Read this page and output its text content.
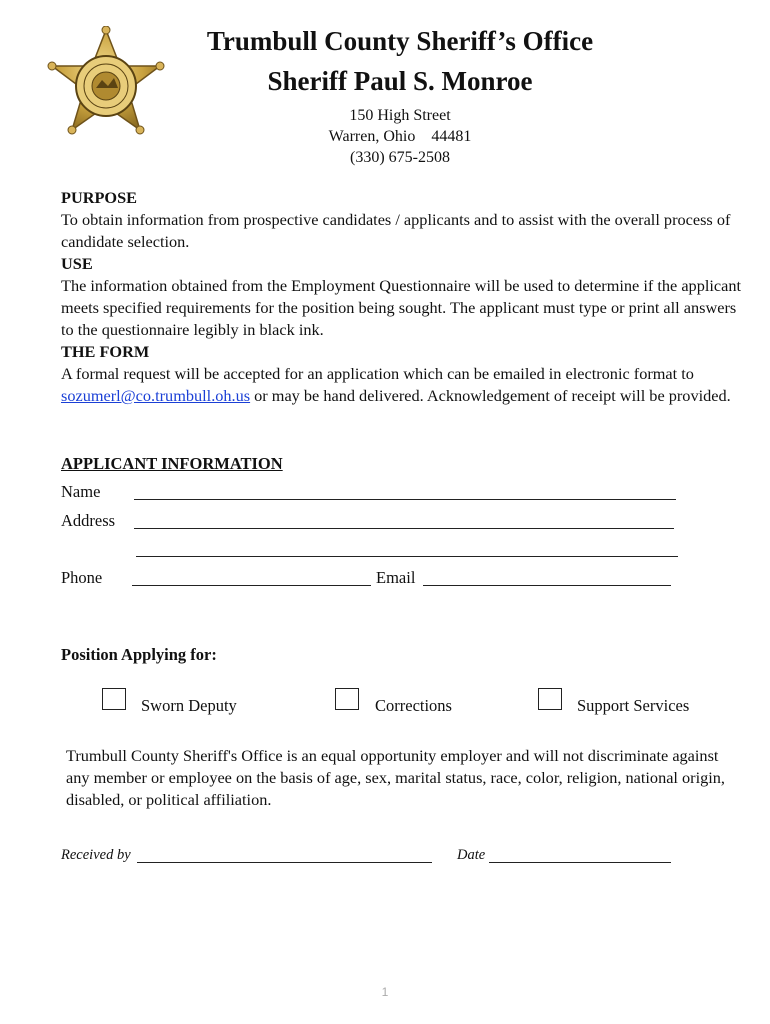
Trumbull County Sheriff’s Office
Sheriff Paul S. Monroe
150 High Street
Warren, Ohio    44481
(330) 675-2508
PURPOSE
To obtain information from prospective candidates / applicants and to assist with the overall process of candidate selection.
USE
The information obtained from the Employment Questionnaire will be used to determine if the applicant meets specified requirements for the position being sought. The applicant must type or print all answers to the questionnaire legibly in black ink.
THE FORM
A formal request will be accepted for an application which can be emailed in electronic format to sozumerl@co.trumbull.oh.us or may be hand delivered. Acknowledgement of receipt will be provided.
APPLICANT INFORMATION
Name
Address
Phone	Email
Position Applying for:
Sworn Deputy	Corrections	Support Services
Trumbull County Sheriff's Office is an equal opportunity employer and will not discriminate against any member or employee on the basis of age, sex, marital status, race, color, religion, national origin, disabled, or political affiliation.
Received by	Date
1
